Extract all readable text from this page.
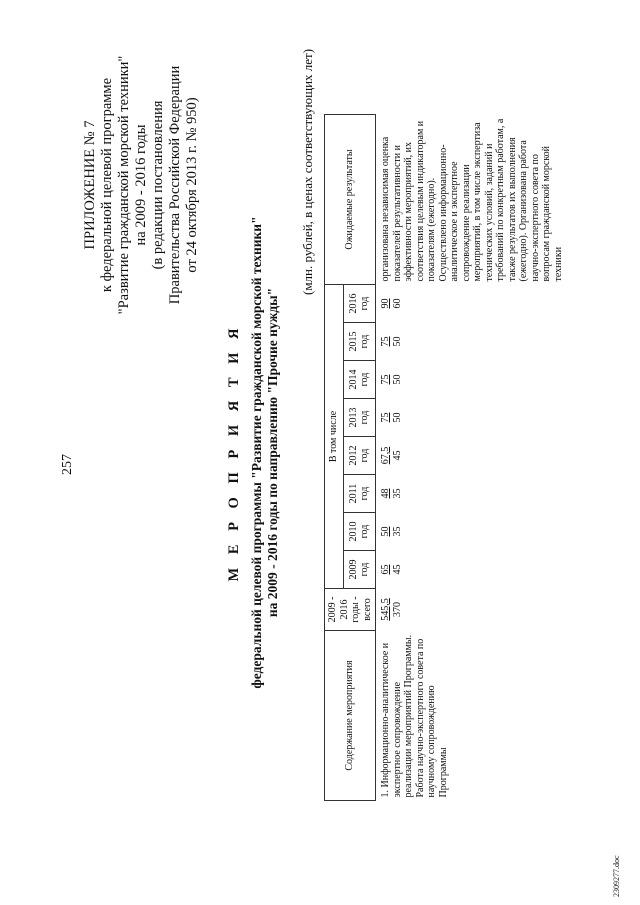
257
ПРИЛОЖЕНИЕ № 7 к федеральной целевой программе "Развитие гражданской морской техники" на 2009 - 2016 годы (в редакции постановления Правительства Российской Федерации от 24 октября 2013 г. № 950)
М Е Р О П Р И Я Т И Я федеральной целевой программы "Развитие гражданской морской техники" на 2009 - 2016 годы по направлению "Прочие нужды"
(млн. рублей, в ценах соответствующих лет)
Содержание мероприятия	2009 - 2016 годы - всего	В том числе								Ожидаемые результаты
		2009 год	2010 год	2011 год	2012 год	2013 год	2014 год	2015 год	2016 год	
1. Информационно-аналитическое и экспертное сопровождение реализации мероприятий Программы. Работа научно-экспертного совета по научному сопровождению Программы	545,5 370	65 45	50 35	48 35	67,5 45	75 50	75 50	75 50	90 60	организована независимая оценка показателей результативности и эффективности мероприятий, их соответствия целевым индикаторам и показателям (ежегодно). Осуществлено информационно-аналитическое и экспертное сопровождение реализации мероприятий, в том числе экспертиза технических условий, заданий и требований по конкретным работам, а также результатов их выполнения (ежегодно). Организована работа научно-экспертного совета по вопросам гражданской морской техники
2309277.doc
